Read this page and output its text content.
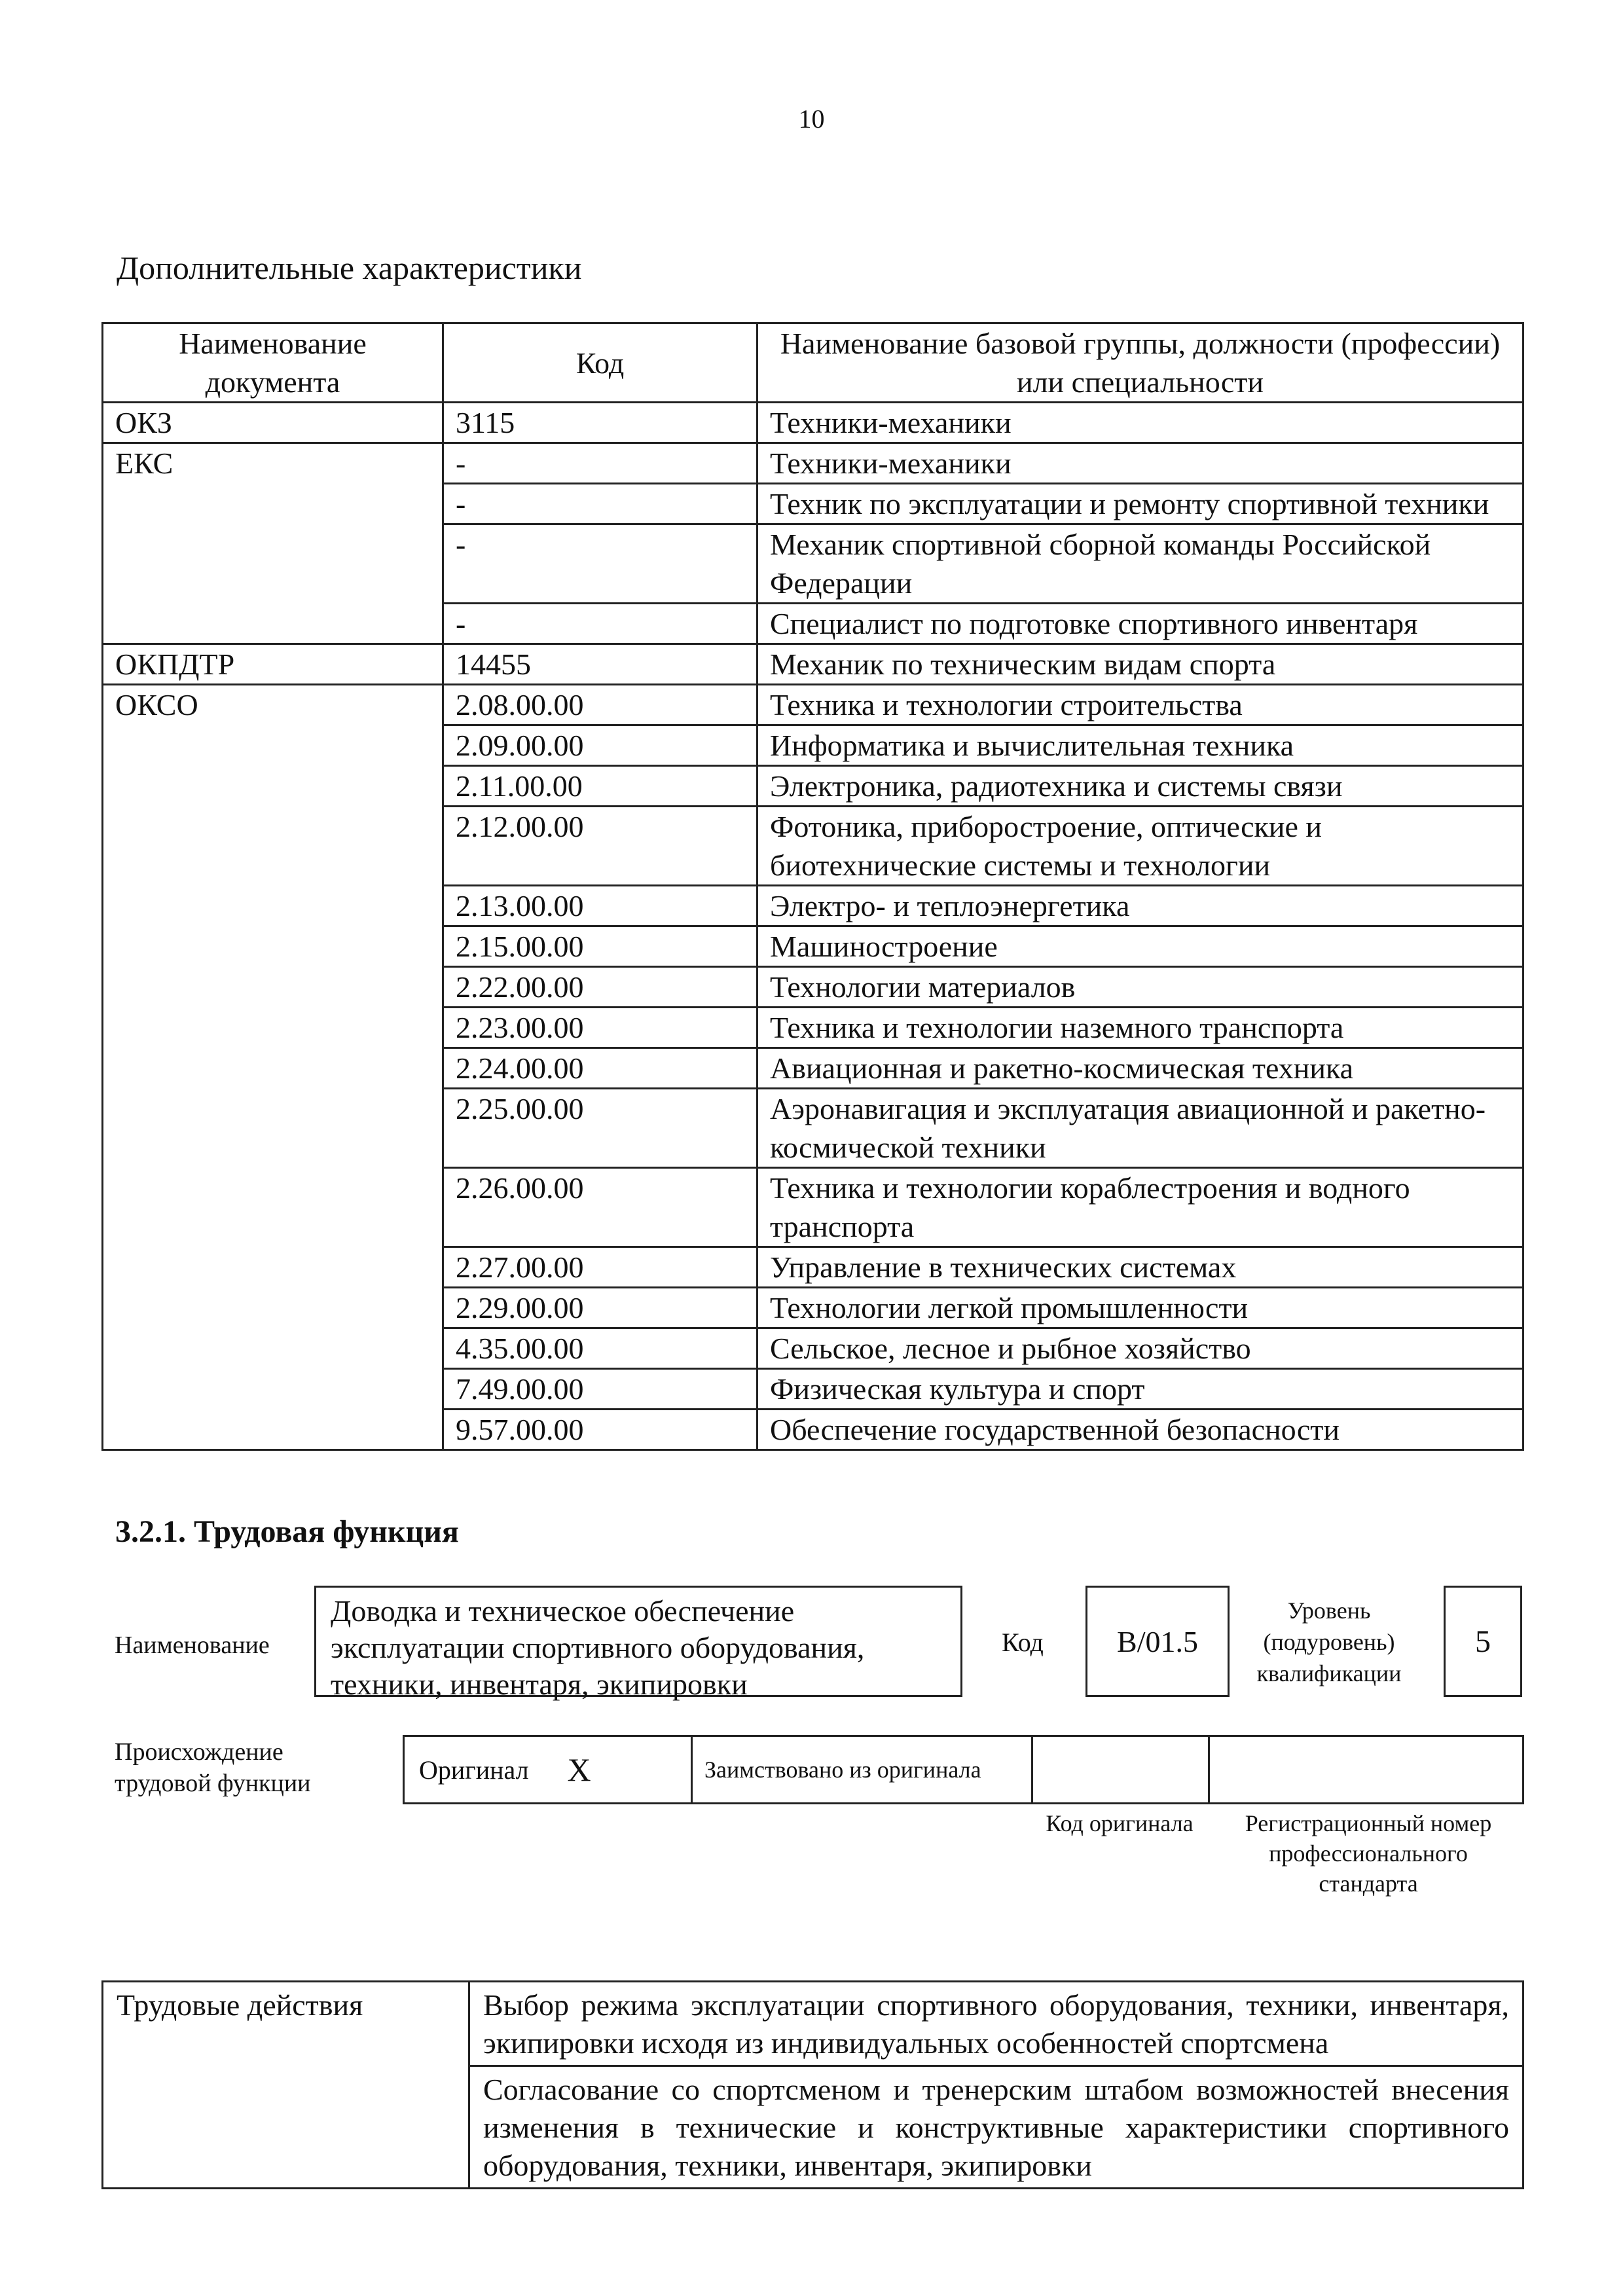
10
Дополнительные характеристики
Наименование документа	Код	Наименование базовой группы, должности (профессии) или специальности
ОКЗ	3115	Техники-механики
ЕКС	-	Техники-механики
	-	Техник по эксплуатации и ремонту спортивной техники
	-	Механик спортивной сборной команды Российской Федерации
	-	Специалист по подготовке спортивного инвентаря
ОКПДТР	14455	Механик по техническим видам спорта
ОКСО	2.08.00.00	Техника и технологии строительства
	2.09.00.00	Информатика и вычислительная техника
	2.11.00.00	Электроника, радиотехника и системы связи
	2.12.00.00	Фотоника, приборостроение, оптические и биотехнические системы и технологии
	2.13.00.00	Электро- и теплоэнергетика
	2.15.00.00	Машиностроение
	2.22.00.00	Технологии материалов
	2.23.00.00	Техника и технологии наземного транспорта
	2.24.00.00	Авиационная и ракетно-космическая техника
	2.25.00.00	Аэронавигация и эксплуатация авиационной и ракетно-космической техники
	2.26.00.00	Техника и технологии кораблестроения и водного транспорта
	2.27.00.00	Управление в технических системах
	2.29.00.00	Технологии легкой промышленности
	4.35.00.00	Сельское, лесное и рыбное хозяйство
	7.49.00.00	Физическая культура и спорт
	9.57.00.00	Обеспечение государственной безопасности
3.2.1. Трудовая функция
Наименование
Доводка и техническое обеспечение эксплуатации спортивного оборудования, техники, инвентаря, экипировки
Код	B/01.5
Уровень (подуровень) квалификации
5
Происхождение трудовой функции	Оригинал	X	Заимствовано из оригинала		
Код оригинала	Регистрационный номер профессионального стандарта
Трудовые действия	Выбор режима эксплуатации спортивного оборудования, техники, инвентаря, экипировки исходя из индивидуальных особенностей спортсмена
Согласование со спортсменом и тренерским штабом возможностей внесения изменения в технические и конструктивные характеристики спортивного оборудования, техники, инвентаря, экипировки
